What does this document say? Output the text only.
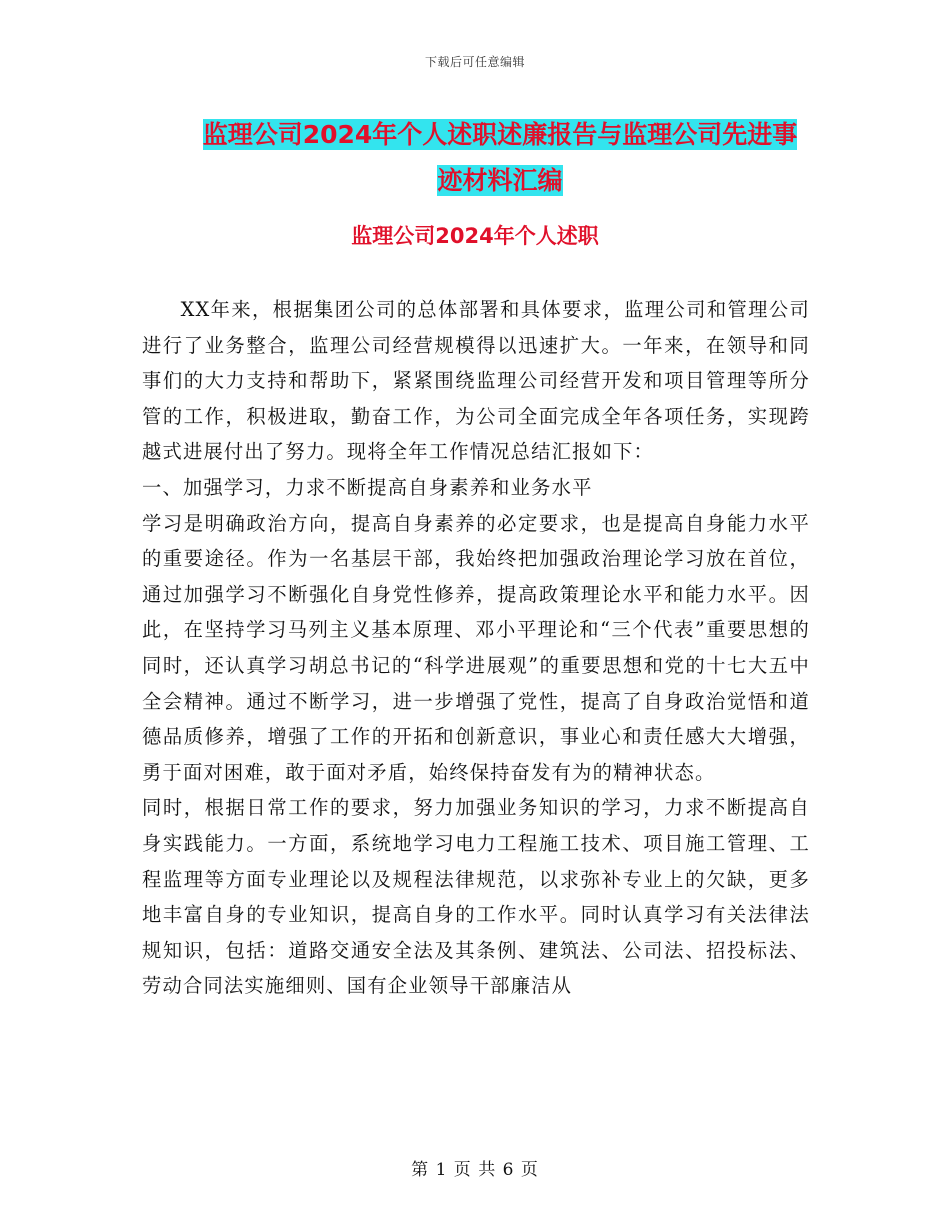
下载后可任意编辑
监理公司2024年个人述职述廉报告与监理公司先进事
迹材料汇编
监理公司2024年个人述职

XX年来，根据集团公司的总体部署和具体要求，监理公司和管理公司进行了业务整合，监理公司经营规模得以迅速扩大。一年来，在领导和同事们的大力支持和帮助下，紧紧围绕监理公司经营开发和项目管理等所分管的工作，积极进取，勤奋工作，为公司全面完成全年各项任务，实现跨越式进展付出了努力。现将全年工作情况总结汇报如下：

一、加强学习，力求不断提高自身素养和业务水平

学习是明确政治方向，提高自身素养的必定要求，也是提高自身能力水平的重要途径。作为一名基层干部，我始终把加强政治理论学习放在首位，通过加强学习不断强化自身党性修养，提高政策理论水平和能力水平。因此，在坚持学习马列主义基本原理、邓小平理论和“三个代表”重要思想的同时，还认真学习胡总书记的“科学进展观”的重要思想和党的十七大五中全会精神。通过不断学习，进一步增强了党性，提高了自身政治觉悟和道德品质修养，增强了工作的开拓和创新意识，事业心和责任感大大增强，勇于面对困难，敢于面对矛盾，始终保持奋发有为的精神状态。

同时，根据日常工作的要求，努力加强业务知识的学习，力求不断提高自身实践能力。一方面，系统地学习电力工程施工技术、项目施工管理、工程监理等方面专业理论以及规程法律规范，以求弥补专业上的欠缺，更多地丰富自身的专业知识，提高自身的工作水平。同时认真学习有关法律法规知识，包括：道路交通安全法及其条例、建筑法、公司法、招投标法、劳动合同法实施细则、国有企业领导干部廉洁从

第 1 页 共 6 页
